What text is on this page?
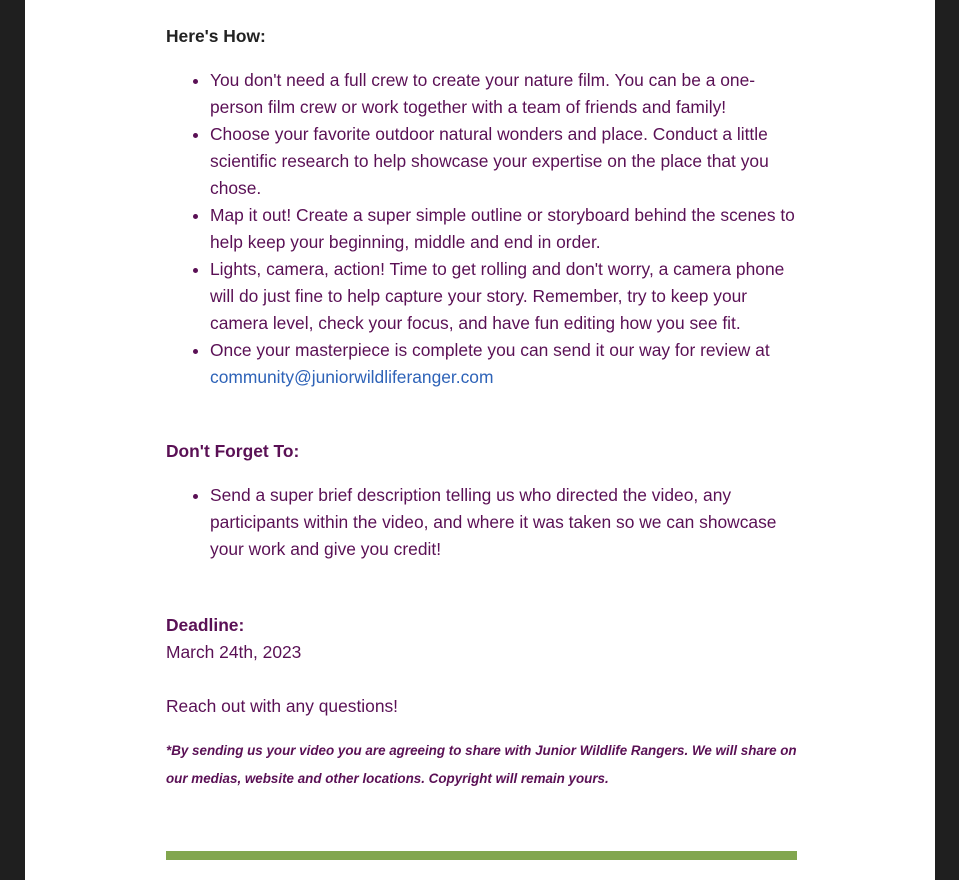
Here's How:

• You don't need a full crew to create your nature film. You can be a one-person film crew or work together with a team of friends and family!
• Choose your favorite outdoor natural wonders and place. Conduct a little scientific research to help showcase your expertise on the place that you chose.
• Map it out! Create a super simple outline or storyboard behind the scenes to help keep your beginning, middle and end in order.
• Lights, camera, action! Time to get rolling and don't worry, a camera phone will do just fine to help capture your story. Remember, try to keep your camera level, check your focus, and have fun editing how you see fit.
• Once your masterpiece is complete you can send it our way for review at community@juniorwildliferanger.com

Don't Forget To:

• Send a super brief description telling us who directed the video, any participants within the video, and where it was taken so we can showcase your work and give you credit!

Deadline:

March 24th, 2023
Reach out with any questions!
*By sending us your video you are agreeing to share with Junior Wildlife Rangers. We will share on our medias, website and other locations. Copyright will remain yours.
